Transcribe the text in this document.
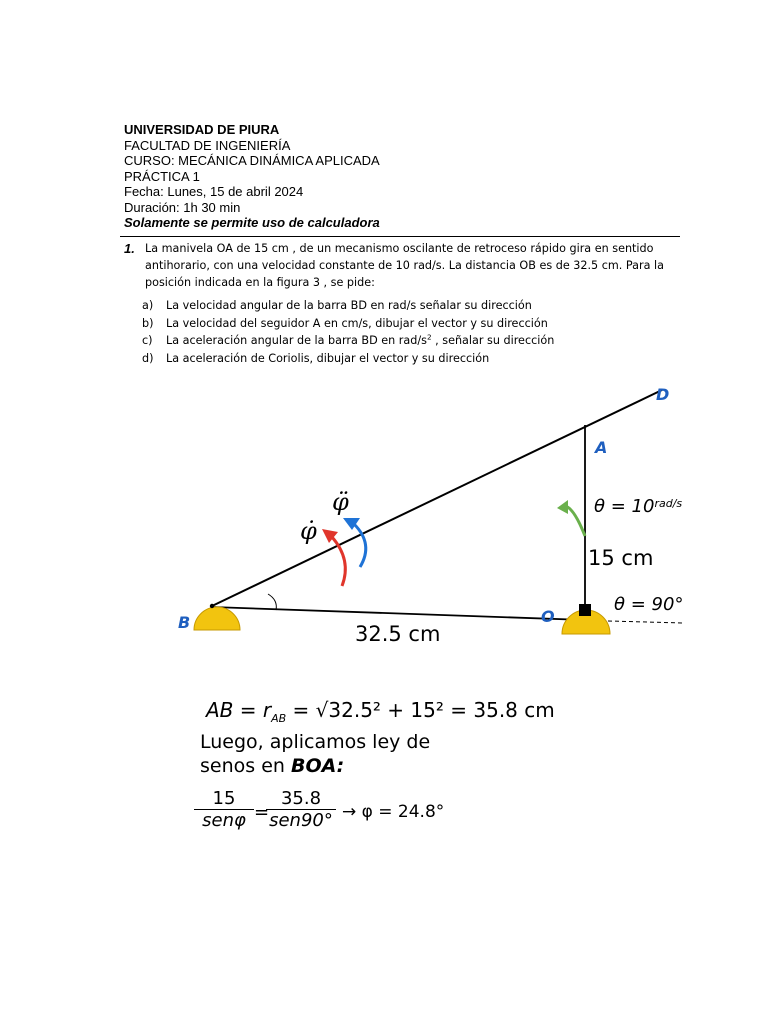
UNIVERSIDAD DE PIURA
FACULTAD DE INGENIERÍA
CURSO: MECÁNICA DINÁMICA APLICADA
PRÁCTICA 1
Fecha: Lunes, 15 de abril 2024
Duración: 1h 30 min
Solamente se permite uso de calculadora
1. La manivela OA de 15 cm , de un mecanismo oscilante de retroceso rápido gira en sentido antihorario, con una velocidad constante de 10 rad/s. La distancia OB es de 32.5 cm. Para la posición indicada en la figura 3 , se pide:
a)	La velocidad angular de la barra BD en rad/s señalar su dirección
b)	La velocidad del seguidor A en cm/s, dibujar el vector y su dirección
c)	La aceleración angular de la barra BD en rad/$s^2$ , señalar su dirección
d)	La aceleración de Coriolis, dibujar el vector y su dirección
D
A
B	O
φ̇
φ̈	$\theta = 10^{rad/s}$
15 cm
θ = 90°
32.5 cm
AB = $r_{AB} = √32.5^2 + 15^2 = 35.8$ cm
Luego, aplicamos ley de
senos en BOA:
15
senφ =
35.8
sen90° → φ = 24.8°
